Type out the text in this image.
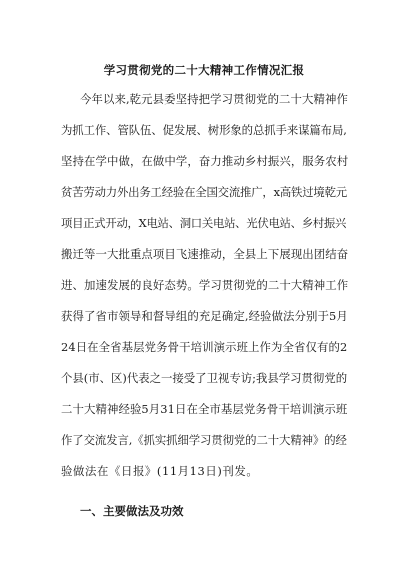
学习贯彻党的二十大精神工作情况汇报
今年以来,乾元县委坚持把学习贯彻党的二十大精神作
为抓工作、管队伍、促发展、树形象的总抓手来谋篇布局,
坚持在学中做，在做中学，奋力推动乡村振兴，服务农村
贫苦劳动力外出务工经验在全国交流推广，x高铁过境乾元
项目正式开动，X电站、洞口关电站、光伏电站、乡村振兴
搬迁等一大批重点项目飞速推动，全县上下展现出团结奋
进、加速发展的良好态势。学习贯彻党的二十大精神工作
获得了省市领导和督导组的充足确定,经验做法分别于5月
24日在全省基层党务骨干培训演示班上作为全省仅有的2
个县(市、区)代表之一接受了卫视专访;我县学习贯彻党的
二十大精神经验5月31日在全市基层党务骨干培训演示班
作了交流发言,《抓实抓细学习贯彻党的二十大精神》的经
验做法在《日报》(11月13日)刊发。
一、主要做法及功效
